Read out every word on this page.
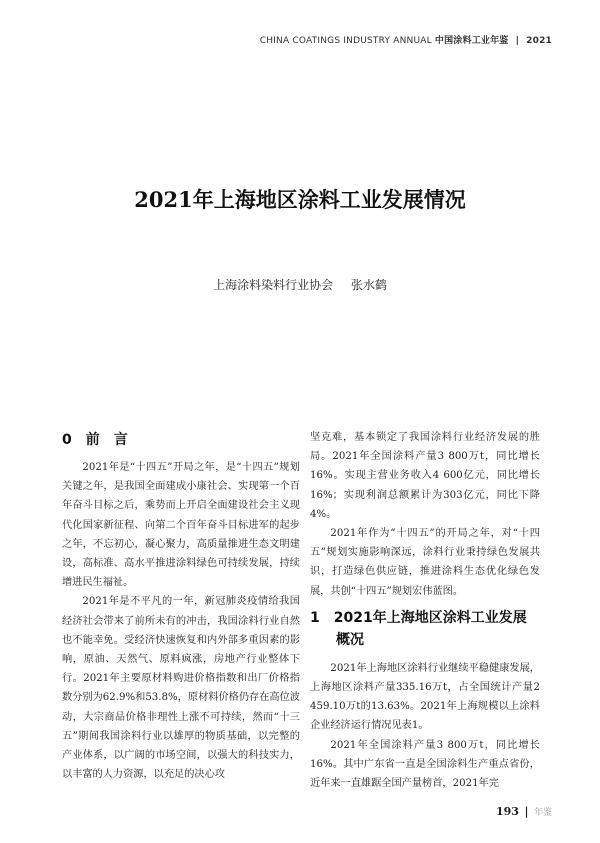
CHINA COATINGS INDUSTRY ANNUAL 中国涂料工业年鉴 | 2021
2021年上海地区涂料工业发展情况
上海涂料染料行业协会 张水鹤
0 前　言

2021年是“十四五”开局之年，是“十四五”规划关键之年，是我国全面建成小康社会、实现第一个百年奋斗目标之后，乘势而上开启全面建设社会主义现代化国家新征程、向第二个百年奋斗目标进军的起步之年，不忘初心，凝心聚力，高质量推进生态文明建设，高标准、高水平推进涂料绿色可持续发展，持续增进民生福祉。

2021年是不平凡的一年，新冠肺炎疫情给我国经济社会带来了前所未有的冲击，我国涂料行业自然也不能幸免。受经济快速恢复和内外部多重因素的影响，原油、天然气、原料疯涨，房地产行业整体下行。2021年主要原材料购进价格指数和出厂价格指数分别为62.9%和53.8%，原材料价格仍存在高位波动，大宗商品价格非理性上涨不可持续，然而“十三五”期间我国涂料行业以雄厚的物质基础，以完整的产业体系，以广阔的市场空间，以强大的科技实力，以丰富的人力资源，以充足的决心攻

坚克难，基本锁定了我国涂料行业经济发展的胜局。2021年全国涂料产量3 800万t，同比增长16%。实现主营业务收入4 600亿元，同比增长16%；实现利润总额累计为303亿元，同比下降4%。

2021年作为“十四五”的开局之年，对“十四五”规划实施影响深远，涂料行业秉持绿色发展共识，打造绿色供应链，推进涂料生态优化绿色发展，共创“十四五”规划宏伟蓝图。

1 2021年上海地区涂料工业发展
概况

2021年上海地区涂料行业继续平稳健康发展，上海地区涂料产量335.16万t，占全国统计产量2 459.10万t的13.63%。2021年上海规模以上涂料企业经济运行情况见表1。

2021年全国涂料产量3 800万t，同比增长16%。其中广东省一直是全国涂料生产重点省份，近年来一直雄踞全国产量榜首，2021年完

193 | 年鉴
